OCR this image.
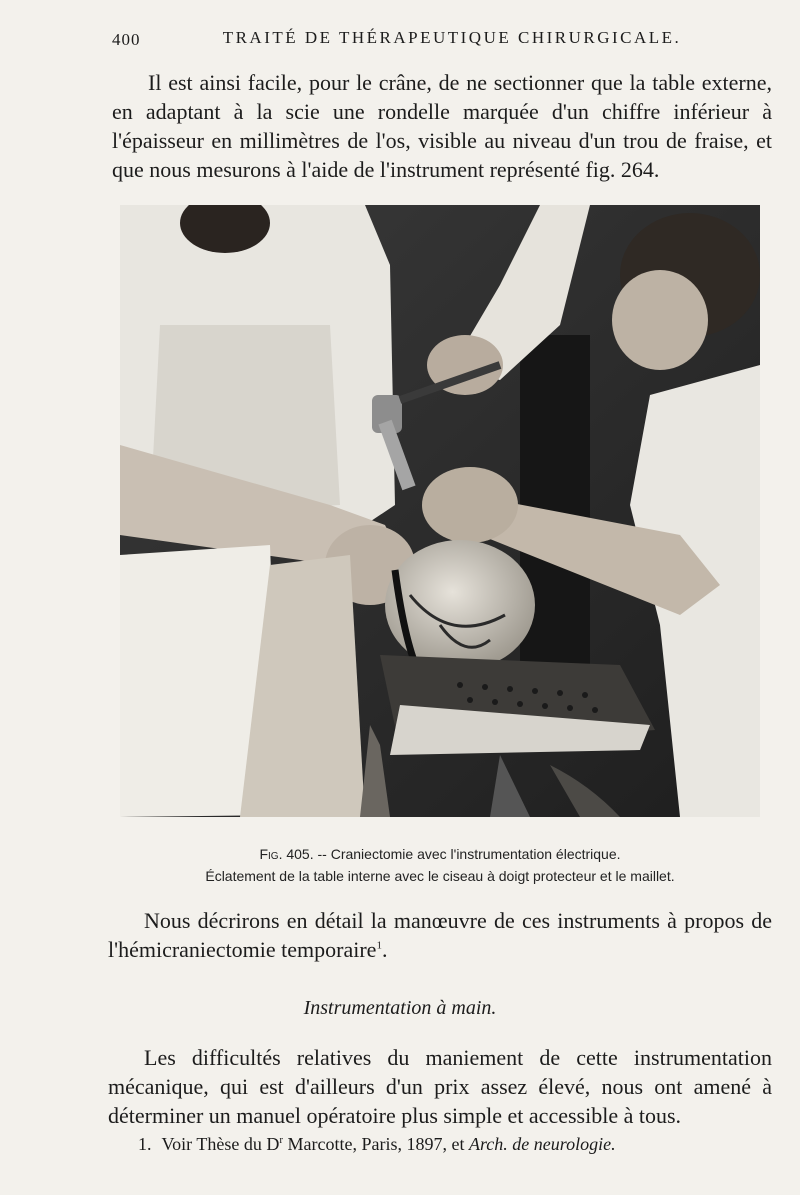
400	TRAITÉ DE THÉRAPEUTIQUE CHIRURGICALE.

Il est ainsi facile, pour le crâne, de ne sectionner que la table externe, en adaptant à la scie une rondelle marquée d'un chiffre inférieur à l'épaisseur en millimètres de l'os, visible au niveau d'un trou de fraise, et que nous mesurons à l'aide de l'instrument représenté fig. 264.

Fig. 405. -- Craniectomie avec l'instrumentation électrique.
Éclatement de la table interne avec le ciseau à doigt protecteur et le maillet.

Nous décrirons en détail la manœuvre de ces instruments à propos de l'hémicraniectomie temporaire$^1$.

Instrumentation à main.

Les difficultés relatives du maniement de cette instrumentation mécanique, qui est d'ailleurs d'un prix assez élevé, nous ont amené à déterminer un manuel opératoire plus simple et accessible à tous.

1. Voir Thèse du $D^r$ Marcotte, Paris, 1897, et Arch. de neurologie.
